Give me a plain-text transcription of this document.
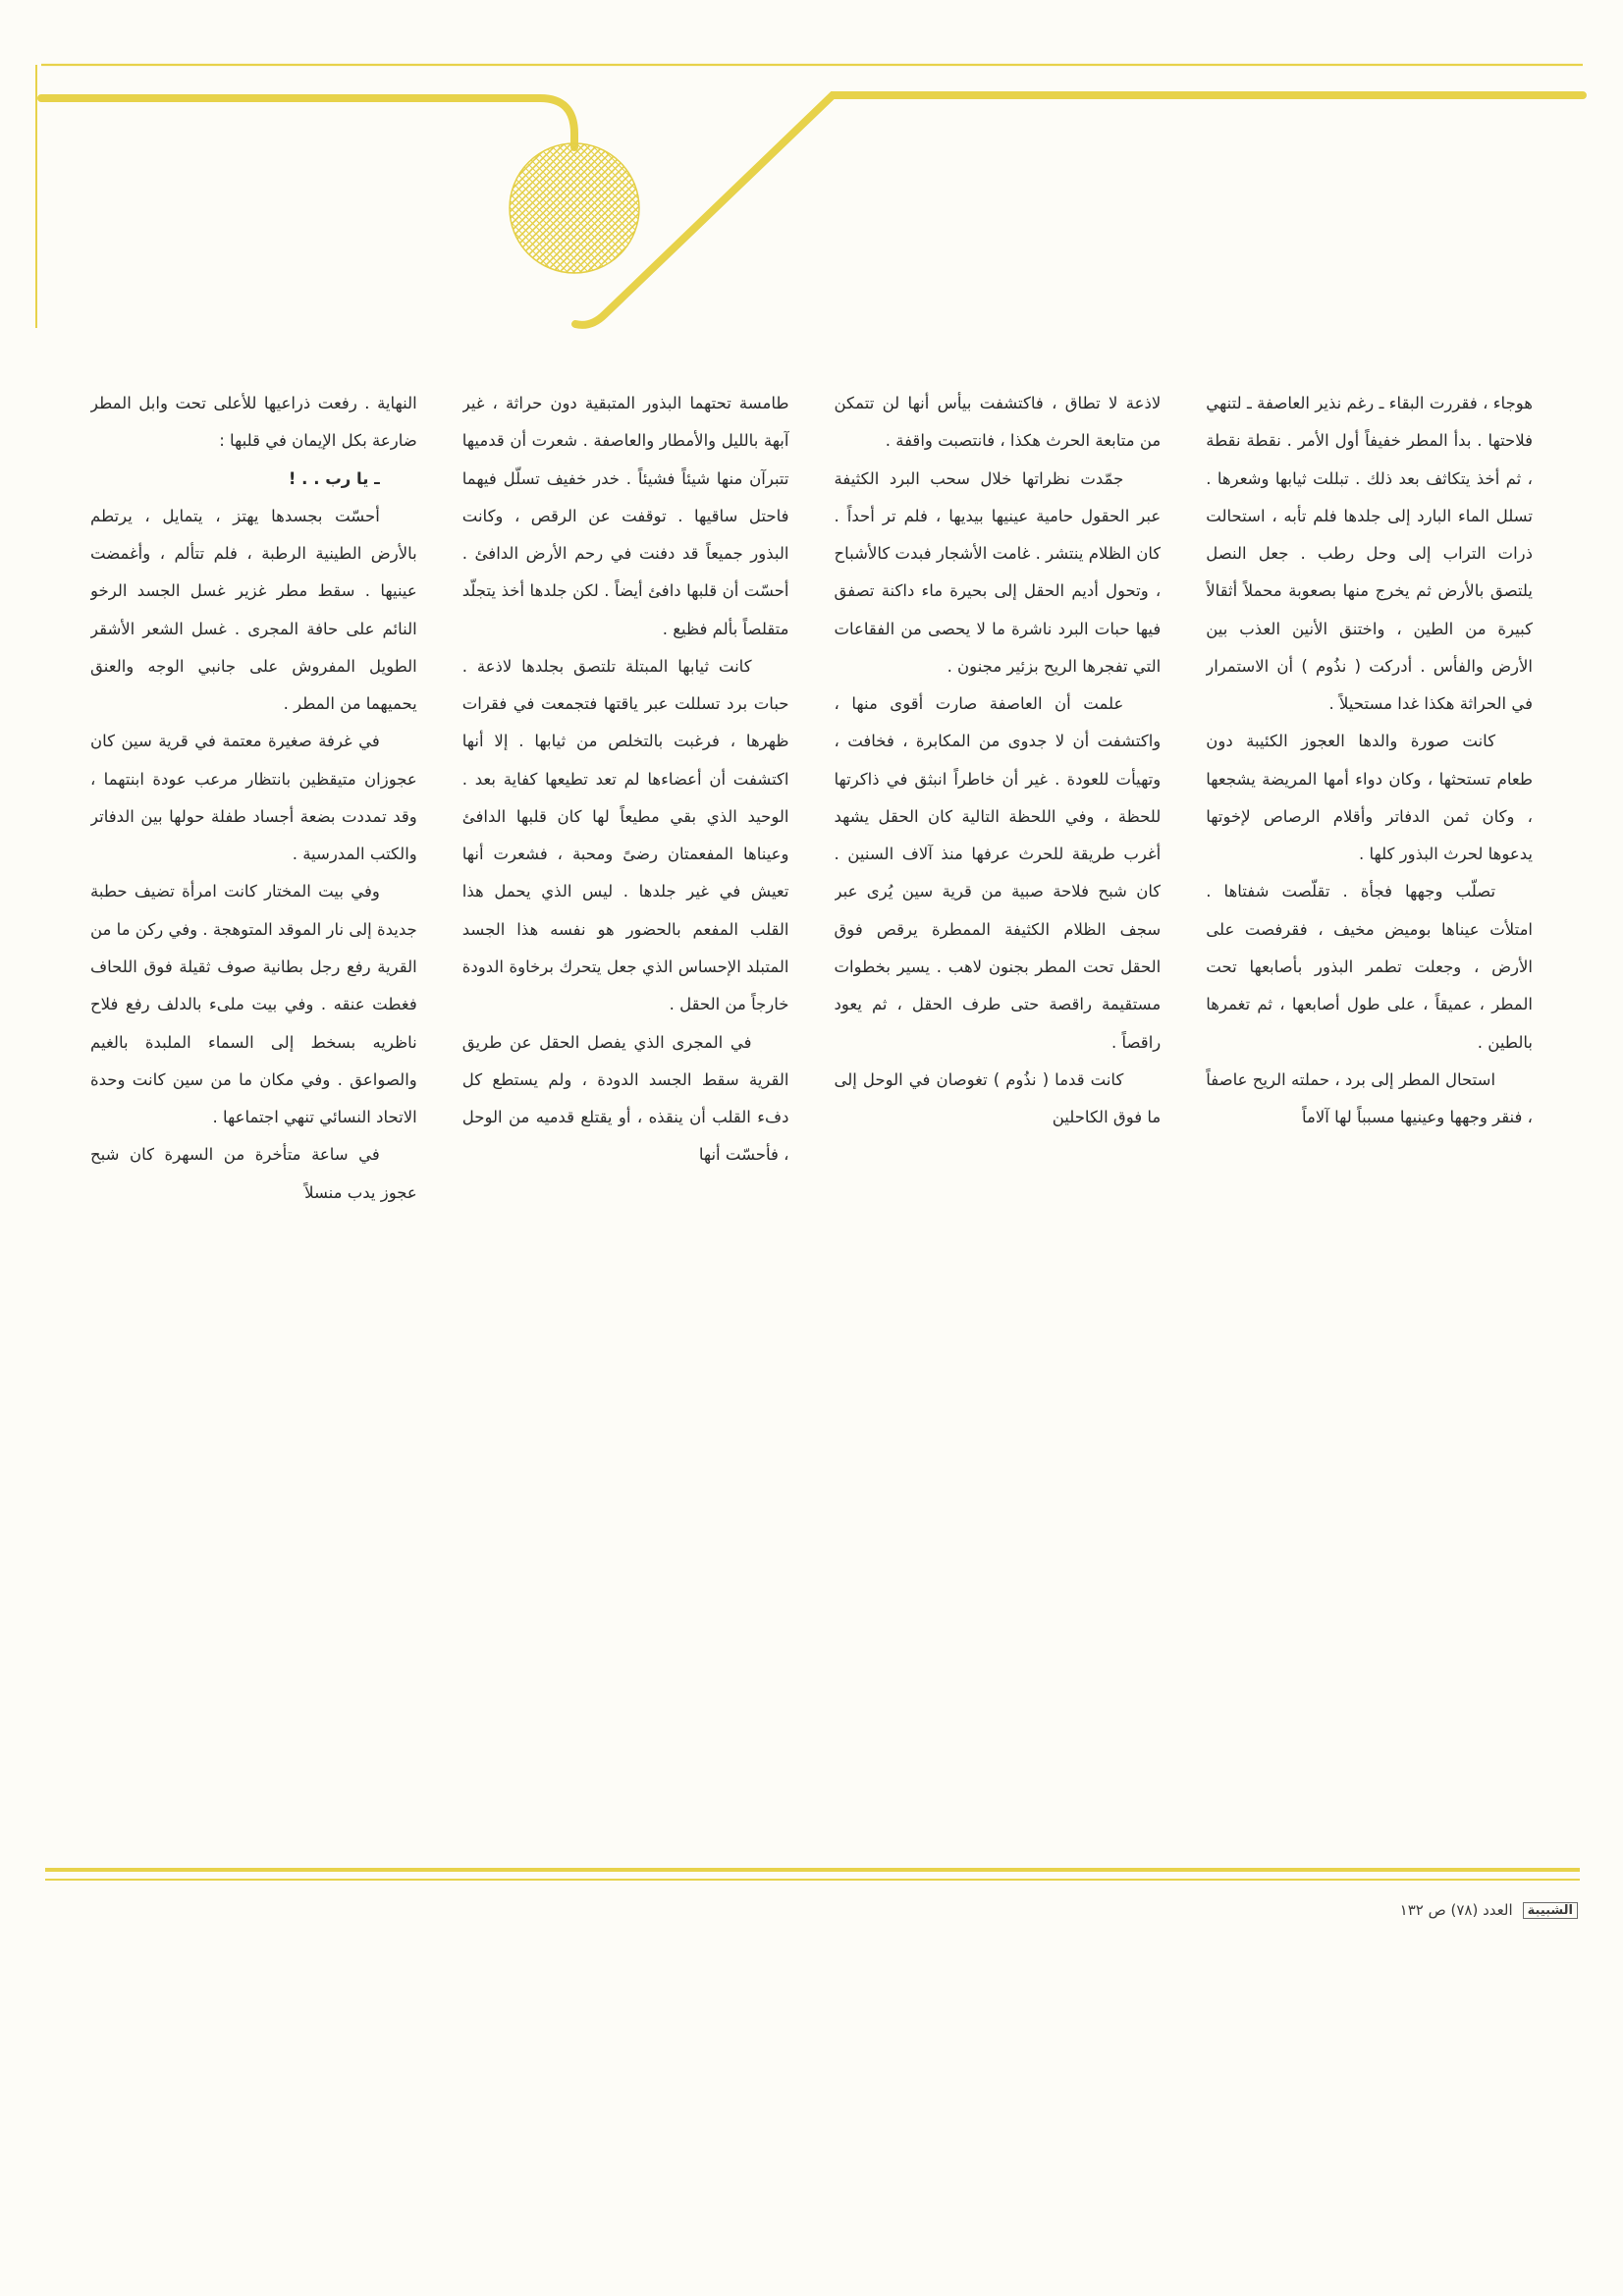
هوجاء ، فقررت البقاء ـ رغم نذير العاصفة ـ لتنهي فلاحتها . بدأ المطر خفيفاً أول الأمر . نقطة نقطة ، ثم أخذ يتكاثف بعد ذلك . تبللت ثيابها وشعرها . تسلل الماء البارد إلى جلدها فلم تأبه ، استحالت ذرات التراب إلى وحل رطب . جعل النصل يلتصق بالأرض ثم يخرج منها بصعوبة محملاً أثقالاً كبيرة من الطين ، واختنق الأنين العذب بين الأرض والفأس . أدركت ( نذُوم ) أن الاستمرار في الحراثة هكذا غدا مستحيلاً .

كانت صورة والدها العجوز الكئيبة دون طعام تستحثها ، وكان دواء أمها المريضة يشجعها ، وكان ثمن الدفاتر وأقلام الرصاص لإخوتها يدعوها لحرث البذور كلها .

تصلّب وجهها فجأة . تقلّصت شفتاها . امتلأت عيناها بوميض مخيف ، فقرفصت على الأرض ، وجعلت تطمر البذور بأصابعها تحت المطر ، عميقاً ، على طول أصابعها ، ثم تغمرها بالطين .

استحال المطر إلى برد ، حملته الريح عاصفاً ، فنقر وجهها وعينيها مسبباً لها آلاماً

لاذعة لا تطاق ، فاكتشفت بيأس أنها لن تتمكن من متابعة الحرث هكذا ، فانتصبت واقفة .

جمّدت نظراتها خلال سحب البرد الكثيفة عبر الحقول حامية عينيها بيديها ، فلم تر أحداً . كان الظلام ينتشر . غامت الأشجار فبدت كالأشباح ، وتحول أديم الحقل إلى بحيرة ماء داكنة تصفق فيها حبات البرد ناشرة ما لا يحصى من الفقاعات التي تفجرها الريح بزئير مجنون .

علمت أن العاصفة صارت أقوى منها ، واكتشفت أن لا جدوى من المكابرة ، فخافت ، وتهيأت للعودة . غير أن خاطراً انبثق في ذاكرتها للحظة ، وفي اللحظة التالية كان الحقل يشهد أغرب طريقة للحرث عرفها منذ آلاف السنين . كان شبح فلاحة صبية من قرية سين يُرى عبر سجف الظلام الكثيفة الممطرة يرقص فوق الحقل تحت المطر بجنون لاهب . يسير بخطوات مستقيمة راقصة حتى طرف الحقل ، ثم يعود راقصاً .

كانت قدما ( نذُوم ) تغوصان في الوحل إلى ما فوق الكاحلين

طامسة تحتهما البذور المتبقية دون حراثة ، غير آبهة بالليل والأمطار والعاصفة . شعرت أن قدميها تتبرآن منها شيئاً فشيئاً . خدر خفيف تسلّل فيهما فاحتل ساقيها . توقفت عن الرقص ، وكانت البذور جميعاً قد دفنت في رحم الأرض الدافئ . أحسّت أن قلبها دافئ أيضاً . لكن جلدها أخذ يتجلّد متقلصاً بألم فظيع .

كانت ثيابها المبتلة تلتصق بجلدها لاذعة . حبات برد تسللت عبر ياقتها فتجمعت في فقرات ظهرها ، فرغبت بالتخلص من ثيابها . إلا أنها اكتشفت أن أعضاءها لم تعد تطيعها كفاية بعد . الوحيد الذي بقي مطيعاً لها كان قلبها الدافئ وعيناها المفعمتان رضىً ومحبة ، فشعرت أنها تعيش في غير جلدها . ليس الذي يحمل هذا القلب المفعم بالحضور هو نفسه هذا الجسد المتبلد الإحساس الذي جعل يتحرك برخاوة الدودة خارجاً من الحقل .

في المجرى الذي يفصل الحقل عن طريق القرية سقط الجسد الدودة ، ولم يستطع كل دفء القلب أن ينقذه ، أو يقتلع قدميه من الوحل ، فأحسّت أنها

النهاية . رفعت ذراعيها للأعلى تحت وابل المطر ضارعة بكل الإيمان في قلبها :

ـ يا رب . . !

أحسّت بجسدها يهتز ، يتمايل ، يرتطم بالأرض الطينية الرطبة ، فلم تتألم ، وأغمضت عينيها . سقط مطر غزير غسل الجسد الرخو النائم على حافة المجرى . غسل الشعر الأشقر الطويل المفروش على جانبي الوجه والعنق يحميهما من المطر .

في غرفة صغيرة معتمة في قرية سين كان عجوزان متيقظين بانتظار مرعب عودة ابنتهما ، وقد تمددت بضعة أجساد طفلة حولها بين الدفاتر والكتب المدرسية .

وفي بيت المختار كانت امرأة تضيف حطبة جديدة إلى نار الموقد المتوهجة . وفي ركن ما من القرية رفع رجل بطانية صوف ثقيلة فوق اللحاف فغطت عنقه . وفي بيت ملىء بالدلف رفع فلاح ناظريه بسخط إلى السماء الملبدة بالغيم والصواعق . وفي مكان ما من سين كانت وحدة الاتحاد النسائي تنهي اجتماعها .

في ساعة متأخرة من السهرة كان شبح عجوز يدب منسلاً

الشبيبة
العدد (٧٨) ص ١٣٢
